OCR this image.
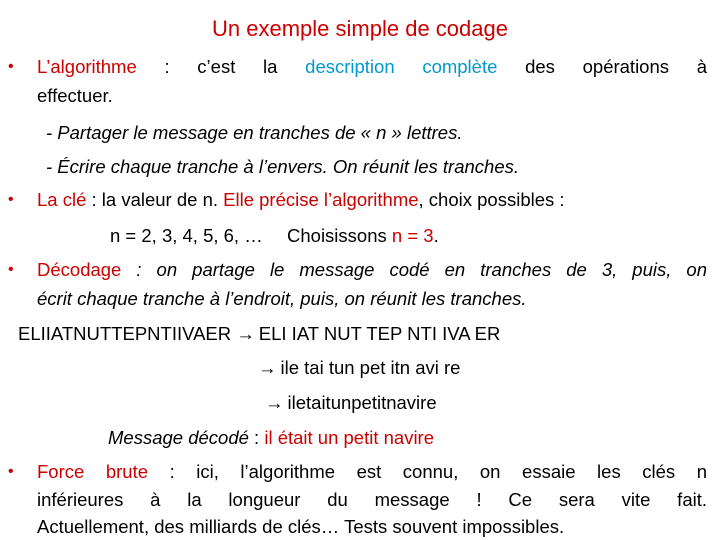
Un exemple simple de codage
• L’algorithme : c’est la description complète des opérations à
effectuer.
- Partager le message en tranches de « n » lettres.
- Écrire chaque tranche à l’envers. On réunit les tranches.
• La clé : la valeur de n. Elle précise l’algorithme, choix possibles :
n = 2, 3, 4, 5, 6, … Choisissons n = 3.
• Décodage : on partage le message codé en tranches de 3, puis, on
écrit chaque tranche à l’endroit, puis, on réunit les tranches.
ELIIATNUTTEPNTIIVAER → ELI IAT NUT TEP NTI IVA ER
→ ile tai tun pet itn avi re
→ iletaitunpetitnavire
Message décodé : il était un petit navire
• Force brute : ici, l’algorithme est connu, on essaie les clés n
inférieures à la longueur du message ! Ce sera vite fait.
Actuellement, des milliards de clés… Tests souvent impossibles.
